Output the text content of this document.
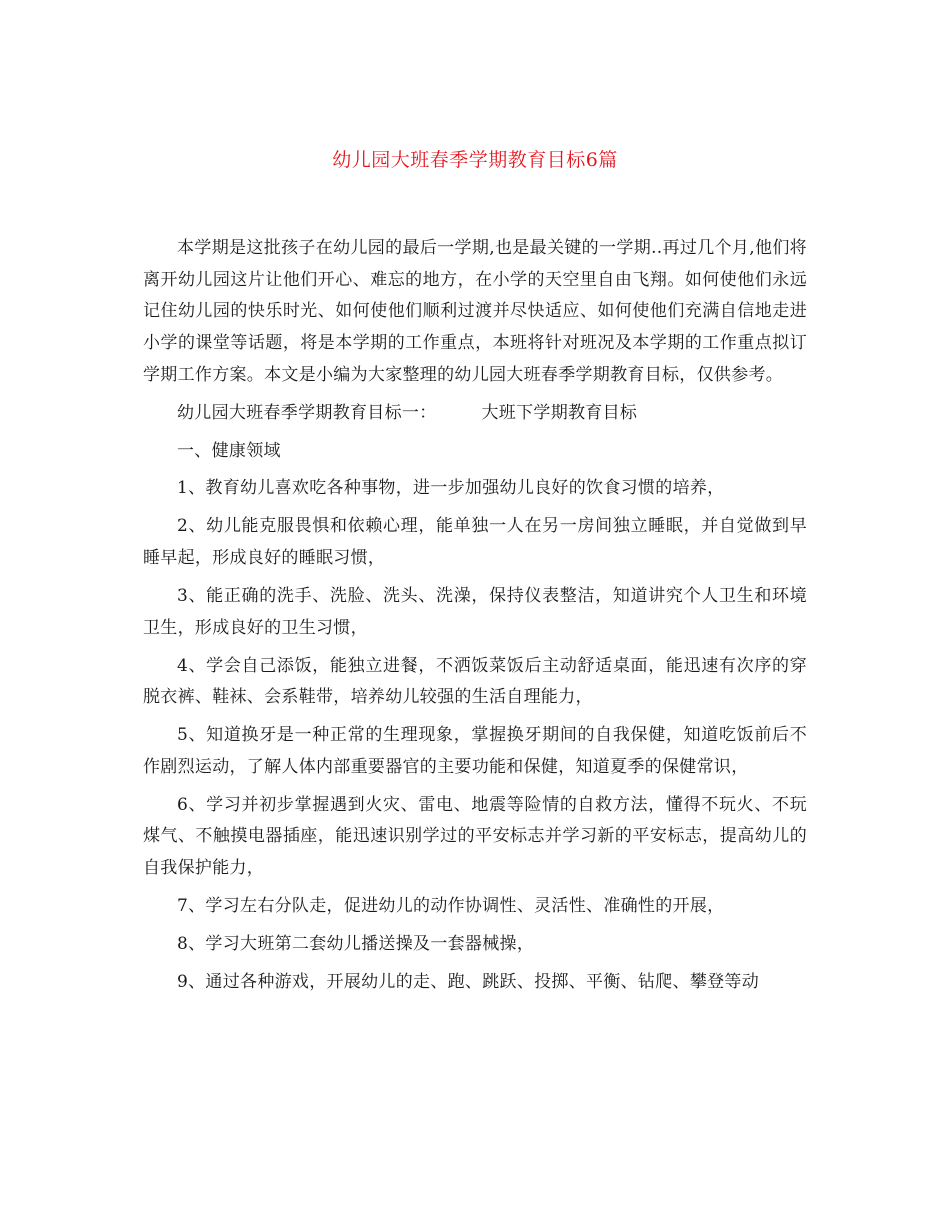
幼儿园大班春季学期教育目标6篇

本学期是这批孩子在幼儿园的最后一学期,也是最关键的一学期..再过几个月,他们将离开幼儿园这片让他们开心、难忘的地方，在小学的天空里自由飞翔。如何使他们永远记住幼儿园的快乐时光、如何使他们顺利过渡并尽快适应、如何使他们充满自信地走进小学的课堂等话题，将是本学期的工作重点，本班将针对班况及本学期的工作重点拟订学期工作方案。本文是小编为大家整理的幼儿园大班春季学期教育目标，仅供参考。

幼儿园大班春季学期教育目标一：	大班下学期教育目标

一、健康领域

1、教育幼儿喜欢吃各种事物，进一步加强幼儿良好的饮食习惯的培养，

2、幼儿能克服畏惧和依赖心理，能单独一人在另一房间独立睡眠，并自觉做到早睡早起，形成良好的睡眠习惯，

3、能正确的洗手、洗脸、洗头、洗澡，保持仪表整洁，知道讲究个人卫生和环境卫生，形成良好的卫生习惯，

4、学会自己添饭，能独立进餐，不洒饭菜饭后主动舒适桌面，能迅速有次序的穿脱衣裤、鞋袜、会系鞋带，培养幼儿较强的生活自理能力，

5、知道换牙是一种正常的生理现象，掌握换牙期间的自我保健，知道吃饭前后不作剧烈运动，了解人体内部重要器官的主要功能和保健，知道夏季的保健常识，

6、学习并初步掌握遇到火灾、雷电、地震等险情的自救方法，懂得不玩火、不玩煤气、不触摸电器插座，能迅速识别学过的平安标志并学习新的平安标志，提高幼儿的自我保护能力，

7、学习左右分队走，促进幼儿的动作协调性、灵活性、准确性的开展，

8、学习大班第二套幼儿播送操及一套器械操，

9、通过各种游戏，开展幼儿的走、跑、跳跃、投掷、平衡、钻爬、攀登等动
